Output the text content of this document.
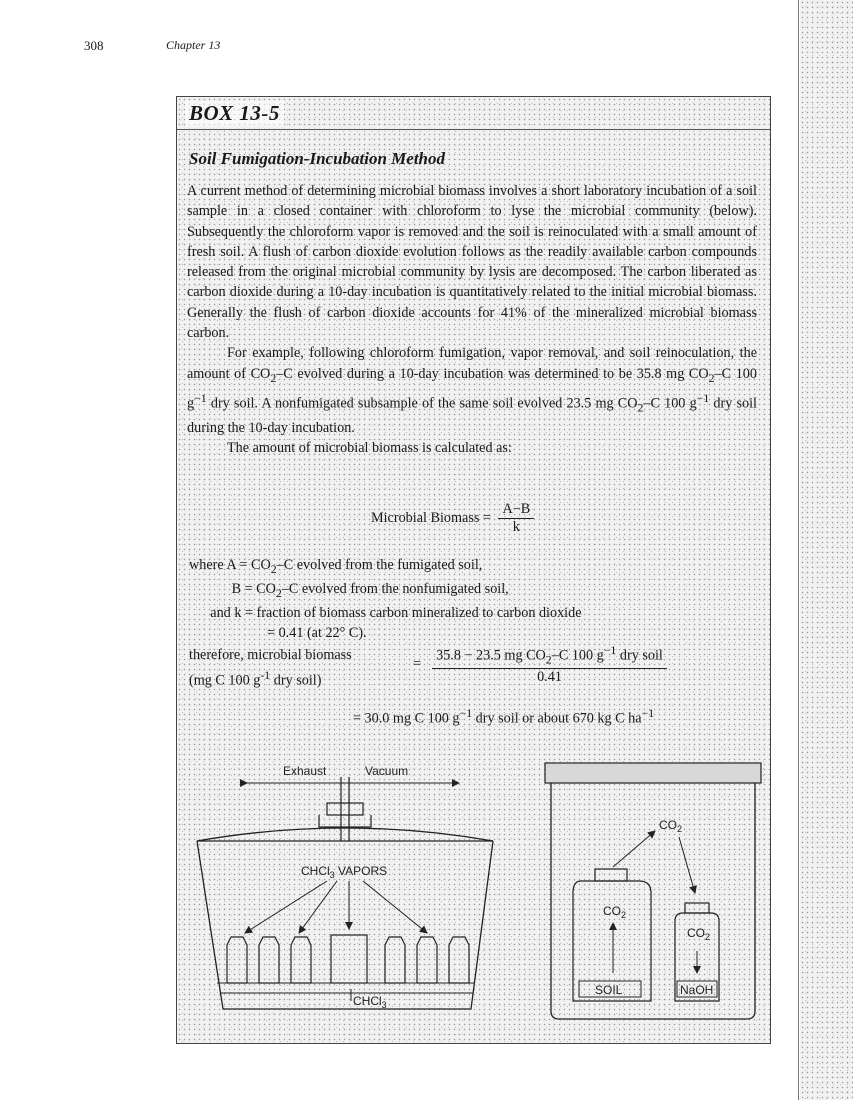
308	Chapter 13
BOX 13-5
Soil Fumigation-Incubation Method

A current method of determining microbial biomass involves a short laboratory incubation of a soil sample in a closed container with chloroform to lyse the microbial community (below). Subsequently the chloroform vapor is removed and the soil is reinoculated with a small amount of fresh soil. A flush of carbon dioxide evolution follows as the readily available carbon compounds released from the original microbial community by lysis are decomposed. The carbon liberated as carbon dioxide during a 10-day incubation is quantitatively related to the initial microbial biomass. Generally the flush of carbon dioxide accounts for 41% of the mineralized microbial biomass carbon.

For example, following chloroform fumigation, vapor removal, and soil reinoculation, the amount of $CO_2-C$ evolved during a 10-day incubation was determined to be 35.8 mg $CO_2-C$ 100 $g^{-1}$ dry soil. A nonfumigated subsample of the same soil evolved 23.5 mg $CO_2-C$ 100 $g^{-1}$ dry soil during the 10-day incubation.

The amount of microbial biomass is calculated as:

Microbial Biomass = $\frac{A-B}{k}$
where $A = CO_2-C$ evolved from the fumigated soil,
$B = CO_2-C$ evolved from the nonfumigated soil,
and k = fraction of biomass carbon mineralized to carbon dioxide
= 0.41 (at 22° C).
therefore, microbial biomass
(mg C 100 $g^{-1}$ dry soil)
= $\frac{35.8 - 23.5 mg CO_2-C 100 g^{-1} dry soil}{0.41}$
= 30.0 mg C 100 $g^{-1}$ dry soil or about 670 kg C $ha^{-1}$
Exhaust	Vacuum
CHCl$_3$ VAPORS
CHCl$_3$
$CO_2$
$CO_2$
$CO_2$
SOIL	NaOH
